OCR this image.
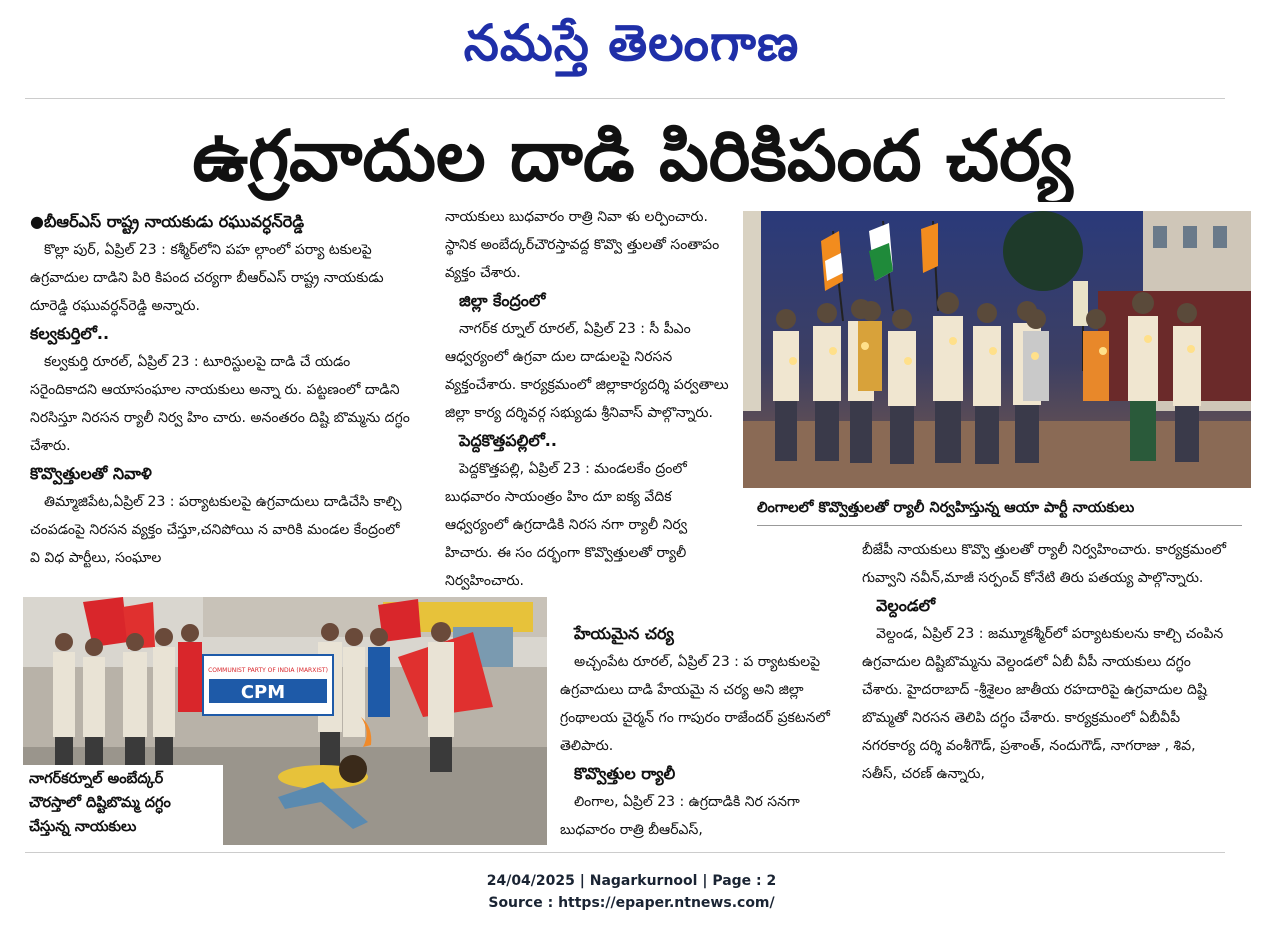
నమస్తే తెలంగాణ
ఉగ్రవాదుల దాడి పిరికిపంద చర్య
●బీఆర్ఎస్ రాష్ట్ర నాయకుడు రఘువర్ధన్‌రెడ్డి

కొల్లా పుర్, ఏప్రిల్ 23 : కశ్మీర్‌లోని పహ ల్గాంలో పర్యా టకులపై ఉగ్రవాదుల దాడిని పిరి కిపంద చర్యగా బీఆర్ఎస్ రాష్ట్ర నాయకుడు దూరెడ్డి రఘువర్ధన్‌రెడ్డి అన్నారు.

కల్వకుర్తిలో..

కల్వకుర్తి రూరల్, ఏప్రిల్ 23 : టూరిస్టులపై దాడి చే యడం సరైందికాదని ఆయాసంఘాల నాయకులు అన్నా రు. పట్టణంలో దాడిని నిరసిస్తూ నిరసన ర్యాలీ నిర్వ హిం చారు. అనంతరం దిష్టి బొమ్మను దగ్ధం చేశారు.

కొవ్వొత్తులతో నివాళి

తిమ్మాజిపేట,ఏప్రిల్ 23 : పర్యాటకులపై ఉగ్రవాదులు దాడిచేసి కాల్చి చంపడంపై నిరసన వ్యక్తం చేస్తూ,చనిపోయి న వారికి మండల కేంద్రంలో వి విధ పార్టీలు, సంఘాల

నాయకులు బుధవారం రాత్రి నివా ళు లర్పించారు. స్థానిక అంబేద్కర్‌చౌరస్తావద్ద కొవ్వొ త్తులతో సంతాపం వ్యక్తం చేశారు.

జిల్లా కేంద్రంలో

నాగర్‌క ర్నూల్ రూరల్, ఏప్రిల్ 23 : సీ పీఎం ఆధ్వర్యంలో ఉగ్రవా దుల దాడులపై నిరసన వ్యక్తంచేశారు. కార్యక్రమంలో జిల్లాకార్యదర్శి పర్వతాలు జిల్లా కార్య దర్శివర్గ సభ్యుడు శ్రీనివాస్ పాల్గొన్నారు.

పెద్దకొత్తపల్లిలో..

పెద్దకొత్తపల్లి, ఏప్రిల్ 23 : మండలకేం ద్రంలో బుధవారం సాయంత్రం హిం దూ ఐక్య వేదిక ఆధ్వర్యంలో ఉగ్రదాడికి నిరస నగా ర్యాలీ నిర్వ హిచారు. ఈ సం దర్భంగా కొవ్వొత్తులతో ర్యాలీ నిర్వహించారు.

హేయమైన చర్య

అచ్చంపేట రూరల్, ఏప్రిల్ 23 : ప ర్యాటకులపై ఉగ్రవాదులు దాడి హేయమై న చర్య అని జిల్లా గ్రంథాలయ చైర్మన్ గం గాపురం రాజేందర్ ప్రకటనలో తెలిపారు.

కొవ్వొత్తుల ర్యాలీ

లింగాల, ఏప్రిల్ 23 : ఉగ్రదాడికి నిర సనగా బుధవారం రాత్రి బీఆర్ఎస్,

బీజేపీ నాయకులు కొవ్వొ త్తులతో ర్యాలీ నిర్వహించారు. కార్యక్రమంలో గువ్వాని నవీన్,మాజీ సర్పంచ్ కోనేటి తిరు పతయ్య పాల్గొన్నారు.

వెల్దండలో

వెల్దండ, ఏప్రిల్ 23 : జమ్మూకశ్మీర్‌లో పర్యాటకులను కాల్చి చంపిన ఉగ్రవాదుల దిష్టిబొమ్మను వెల్దండలో ఏబీ వీపీ నాయకులు దగ్ధం చేశారు. హైదరాబాద్ -శ్రీశైలం జాతీయ రహదారిపై ఉగ్రవాదుల దిష్టి బొమ్మతో నిరసన తెలిపి దగ్ధం చేశారు. కార్యక్రమంలో ఏబీవీపీ నగరకార్య దర్శి వంశీగౌడ్, ప్రశాంత్, నందుగౌడ్, నాగరాజు , శివ, సతీస్, చరణ్ ఉన్నారు,

లింగాలలో కొవ్వొత్తులతో ర్యాలీ నిర్వహిస్తున్న ఆయా పార్టీ నాయకులు
COMMUNIST PARTY OF INDIA (MARXIST)
CPM
నాగర్‌కర్నూల్ అంబేద్కర్
చౌరస్తాలో దిష్టిబొమ్మ దగ్ధం
చేస్తున్న నాయకులు
24/04/2025 | Nagarkurnool | Page : 2
Source : https://epaper.ntnews.com/
